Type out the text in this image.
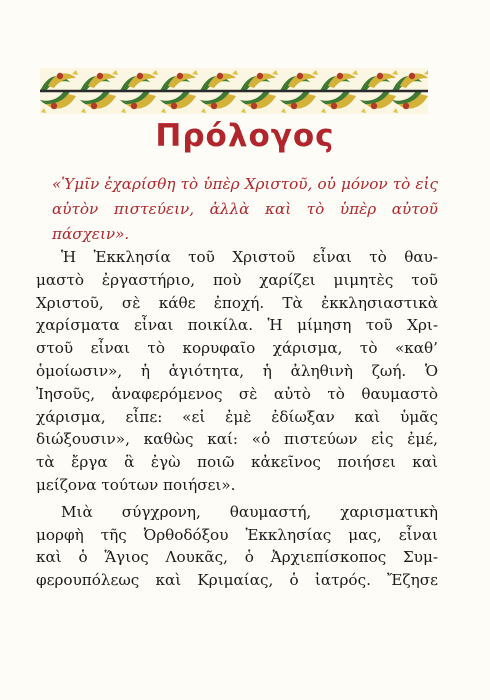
Πρόλογος
«Ὑμῖν ἐχαρίσθη τὸ ὑπὲρ Χριστοῦ, οὐ μόνον τὸ εἰς
αὐτὸν πιστεύειν, ἀλλὰ καὶ τὸ ὑπὲρ αὐτοῦ πάσχειν».

Ἡ Ἐκκλησία τοῦ Χριστοῦ εἶναι τὸ θαυ-
μαστὸ ἐργαστήριο, ποὺ χαρίζει μιμητὲς τοῦ
Χριστοῦ, σὲ κάθε ἐποχή. Τὰ ἐκκλησιαστικὰ
χαρίσματα εἶναι ποικίλα. Ἡ μίμηση τοῦ Χρι-
στοῦ εἶναι τὸ κορυφαῖο χάρισμα, τὸ «καθ’
ὁμοίωσιν», ἡ ἁγιότητα, ἡ ἀληθινὴ ζωή. Ὁ
Ἰησοῦς, ἀναφερόμενος σὲ αὐτὸ τὸ θαυμαστὸ
χάρισμα, εἶπε: «εἰ ἐμὲ ἐδίωξαν καὶ ὑμᾶς
διώξουσιν», καθὼς καί: «ὁ πιστεύων εἰς ἐμέ,
τὰ ἔργα ἃ ἐγὼ ποιῶ κἀκεῖνος ποιήσει καὶ
μείζονα τούτων ποιήσει».

Μιὰ σύγχρονη, θαυμαστή, χαρισματικὴ
μορφὴ τῆς Ὀρθοδόξου Ἐκκλησίας μας, εἶναι
καὶ ὁ Ἅγιος Λουκᾶς, ὁ Ἀρχιεπίσκοπος Συμ-
φερουπόλεως καὶ Κριμαίας, ὁ ἰατρός. Ἔζησε
